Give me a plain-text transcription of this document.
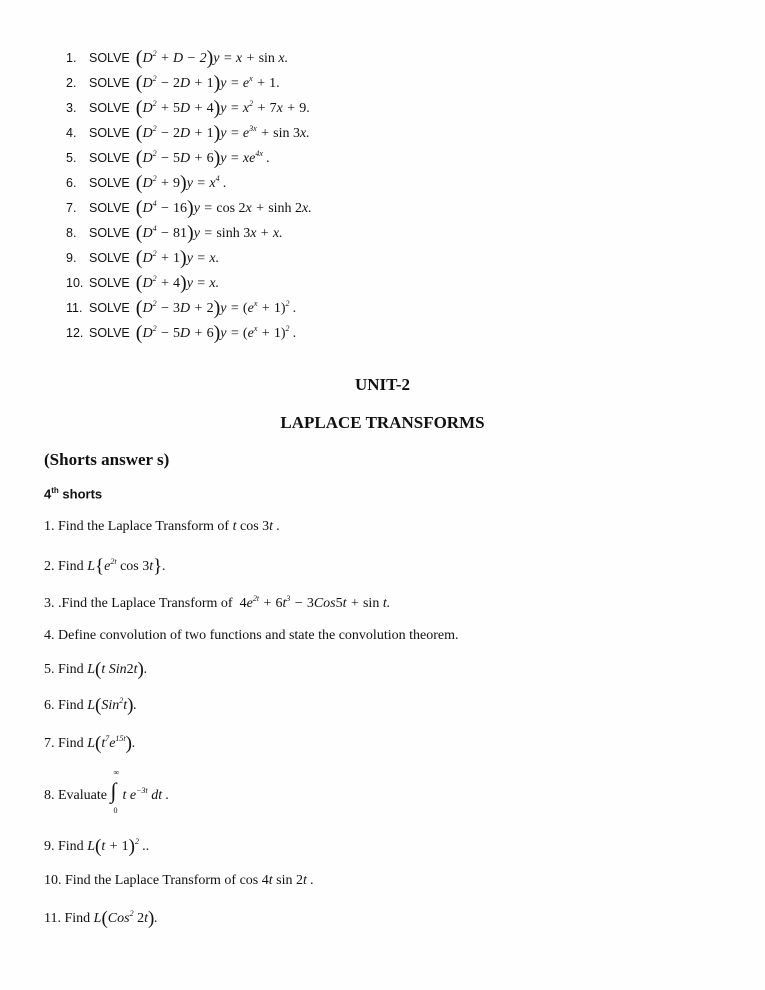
1.	SOLVE $(D^2 + D - 2)y = x + \sin x$.
2.	SOLVE $(D^2 - 2D + 1)y = e^x + 1$.
3.	SOLVE $(D^2 + 5D + 4)y = x^2 + 7x + 9$.
4.	SOLVE $(D^2 - 2D + 1)y = e^{3x} + \sin 3x$.
5.	SOLVE $(D^2 - 5D + 6)y = xe^{4x}$ .
6.	SOLVE $(D^2 + 9)y = x^4$ .
7.	SOLVE $(D^4 - 16)y = \cos 2x + \sinh 2x$.
8.	SOLVE $(D^4 - 81)y = \sinh 3x + x$.
9.	SOLVE $(D^2 + 1)y = x$.
10. SOLVE $(D^2 + 4)y = x$.
11. SOLVE $(D^2 - 3D + 2)y = (e^x + 1)^2$ .
12. SOLVE $(D^2 - 5D + 6)y = (e^x + 1)^2$ .
UNIT-2
LAPLACE TRANSFORMS
(Shorts answer s)
4th shorts
1. Find the Laplace Transform of t cos 3t .
2. Find $L\{e^{2t}$ cos 3t}.
3. .Find the Laplace Transform of  $4e^{2t} + 6t^3 - 3Cos5t + \sin t$.
4. Define convolution of two functions and state the convolution theorem.
5. Find L(t Sin2t).
6. Find L(Sin$^2$t).
7. Find $L(t^7e^{15t})$.
8. Evaluate
∞
∫
0
t $e^{-3t}$ dt .
9. Find $L(t + 1)^2$ ..
10. Find the Laplace Transform of cos 4t sin 2t .
11. Find L(Cos$^2$ 2t).
